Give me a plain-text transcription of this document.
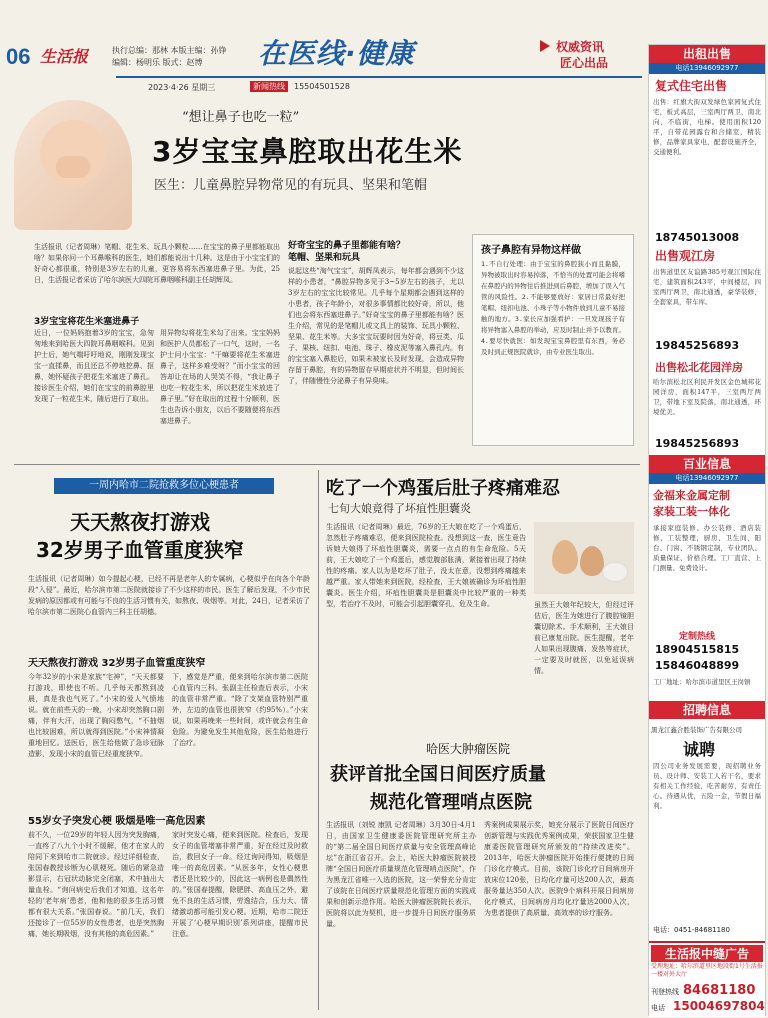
06 生活报	执行总编：那林 本版主编：孙铮
编辑：杨明乐 版式：赵博 在医线·健康	权威资讯
匠心出品
2023·4·26 星期三	新闻热线	15504501528
“想让鼻子也吃一粒”
3岁宝宝鼻腔取出花生米
医生：儿童鼻腔异物常见的有玩具、坚果和笔帽
生活报讯（记者周琳）笔帽、花生米、玩具小颗粒……在宝宝的鼻子里都能取出啥？如果你问一个耳鼻喉科的医生，她们都能说出十几种。这是由于小宝宝们的好奇心都很重，特别是3岁左右的儿童，更容易将东西塞进鼻子里。为此，25日，生活报记者采访了哈尔滨医大四院耳鼻咽喉科副主任胡辉凤。
3岁宝宝将花生米塞进鼻子
近日，一位妈妈抱着3岁的宝宝，急匆匆地来到哈医大四院耳鼻咽喉科。见到护士后，她气喘吁吁地说，刚刚发现宝宝一直揉鼻，而且还总不停地挖鼻、抠鼻，她怀疑孩子把花生米塞进了鼻孔。接诊医生介绍，她们在宝宝的前鼻腔里发现了一粒花生米，随后进行了取出。
用异物勾将花生米勾了出来。宝宝妈妈和医护人员都松了一口气，这时，一名护士问小宝宝：“干嘛要将花生米塞进鼻子，这样多难受呀？”而小宝宝的回答却让在场的人哭笑不得，“我让鼻子也吃一粒花生米，所以把花生米放进了鼻子里。”好在取出的过程十分顺利，医生也告诉小朋友，以后不要随便将东西塞进鼻子。
好奇宝宝的鼻子里都能有啥？
笔帽、坚果和玩具
说起这些“淘气宝宝”，胡辉凤表示，每年都会遇到不少这样的小患者，“鼻腔异物多见于3~5岁左右的孩子，尤以3岁左右的宝宝比较常见。几乎每个星期都会遇到这样的小患者，孩子年龄小，对很多事情都比较好奇，所以，他们也会将东西塞进鼻子。”好奇宝宝的鼻子里都能有啥？医生介绍，常见的是笔帽儿或文具上的装饰、玩具小颗粒、坚果、花生米等。大多宝宝玩要时因为好奇，将豆类、瓜子、果核、纽扣、电池、珠子、橡皮泥等塞入鼻孔内。有的宝宝塞入鼻腔后，如果未被家长及时发现，会造成异物存留于鼻腔，有的异物留存早期症状并不明显，但时间长了，伴随慢性分泌鼻子有异臭味。
孩子鼻腔有异物这样做
1.不自行处理：由于宝宝的鼻腔狭小而且黏膜，异物被取出时容易掉落，不恰当的处置可能会将嗜在鼻腔内的异物往后推进到后鼻腔，增加了误入气管的风险性。2.不能够要放好：家居日常最好把笔帽、纽扣电池、小珠子等小物件放到儿童不易接触的地方。3.家长应加强看护：一旦发现孩子有将异物塞入鼻腔的举动，应及时制止并予以教育。4.要尽快就医：如发现宝宝鼻腔里有东西，务必及时到正规医院就诊，由专业医生取出。
一周内哈市二院抢救多位心梗患者
天天熬夜打游戏
32岁男子血管重度狭窄
生活报讯（记者周琳）如今提起心梗，已经不再是老年人的专属病，心梗似乎在向各个年龄段“入侵”。最近，哈尔滨市第二医院就接诊了不少这样的市民。医生了解后发现，不少市民发病的原因都或有可能与不良的生活习惯有关，如熬夜、吸烟等。对此，24日，记者采访了哈尔滨市第二医院心血管内三科主任胡德。
天天熬夜打游戏 32岁男子血管重度狭窄
今年32岁的小宋是家族“宅神”，“天天都要打游戏，即使也不听。几乎每天都熬到凌晨，真是我也气死了。”小宋的爱人气愤地说。就在前些天的一晚，小宋却突然胸口剧痛，伴有大汗，出现了胸闷憋气，“不抽烟也比较困难，所以就得到医院。”小宋神情凝重地回忆。送医后，医生给他做了急诊冠脉造影，发现小宋的血管已经重度狭窄。
下，感觉是严重，便来到哈尔滨市第二医院心血管内三科。张副主任检查后表示，小宋的血管非常严重。“除了支架血管特别严重外，左边的血管也很狭窄（约95%）。”小宋说，如果再晚来一些时间，或许就会有生命危险。为避免发生其他危险，医生给他进行了治疗。
55岁女子突发心梗 吸烟是唯一高危因素
前不久，一位29岁的年轻人因为突发胸痛，一直疼了八九个小时不缓解，他才在家人的陪同下来到哈市二院就诊。经过详细检查，张国春教授诊断为心肌梗死。随后的紧急造影显示，右冠状动脉完全闭塞，术中抽出大量血栓。“询问病史后我们才知道，这名年轻的‘老年病’患者，他和他的很多生活习惯都有很大关系。”张国春说。“前几天，我们还接诊了一位55岁的女性患者，也是突然胸痛，她长期吸烟，没有其他的高危因素。”
家时突发心痛，便来到医院。检查后，发现女子的血管堵塞非常严重，好在经过及时救治，救回女子一命。经过询问得知，吸烟是唯一的高危因素。“从医多年，女性心梗患者还是比较少的，因此这一病例也是偶然性的。”张国春提醒，除肥胖、高血压之外，避免不良的生活习惯，劳逸结合，压力大、情绪激动都可能引发心梗。近期，哈市二院还开展了‘心梗早期识别’系列讲座，提醒市民注意。
吃了一个鸡蛋后肚子疼痛难忍
七旬大娘竟得了坏疽性胆囊炎
生活报讯（记者周琳）最近，76岁的王大娘在吃了一个鸡蛋后，忽然肚子疼痛难忍，便来到医院检查。没想到这一查，医生竟告诉她大娘得了坏疽性胆囊炎，需要一点点的有生命危险。5天前，王大娘吃了一个鸡蛋后，感觉腹部胀满，紧接着出现了持续性的疼痛。家人以为是吃坏了肚子，没太在意，没想到疼痛越来越严重。家人带她来到医院，经检查，王大娘被确诊为坏疽性胆囊炎。医生介绍，坏疽性胆囊炎是胆囊炎中比较严重的一种类型，若治疗不及时，可能会引起胆囊穿孔，危及生命。	虽然王大娘年纪较大，但经过评估后，医生为她进行了腹腔镜胆囊切除术。手术顺利，王大娘目前已康复出院。医生提醒，老年人如果出现腹痛、发热等症状，一定要及时就医，以免延误病情。
哈医大肿瘤医院
获评首批全国日间医疗质量
规范化管理哨点医院
生活报讯（刘锐 康凯 记者周琳）3月30日-4月1日，由国家卫生健康委医院管理研究所主办的“第二届全国日间医疗质量与安全管理高峰论坛”在浙江省召开。会上，哈医大肿瘤医院被授牌“全国日间医疗质量规范化管理哨点医院”，作为黑龙江省唯一入选的医院，这一荣誉充分肯定了该院在日间医疗质量规范化管理方面的实践成果和创新示范作用。哈医大肿瘤医院院长表示，医院将以此为契机，进一步提升日间医疗服务质量。
秀案例成果展示奖，她充分展示了医院日间医疗创新管理与实践优秀案例成果，荣获国家卫生健康委医院管理研究所颁发的“持续改进奖”。2013年，哈医大肿瘤医院开始推行便捷的日间门诊化疗模式。目前，该院门诊化疗日间病房开放床位120张，日均化疗量可达200人次，最高服务量达350人次。医院9个病科开展日间病房化疗模式，日间病房月均化疗量达2000人次，为患者提供了高质量、高效率的诊疗服务。
出租出售
电话13946092977
复式住宅出售
出售：红旗大街双发绿色家园复式住宅，板式高层，三室两厅两卫，南北向，不临街，电梯。使用面积120平，自带花园露台和合储室，精装修，品牌家具家电，配套设施齐全，交通便利。
18745013008
出售观江房
出售道里区友谊路385号观江国际住宅，建筑面积243平，中间楼层，四室两厅两卫，南北通透，豪华装修，全套家具，带车库。
19845256893
出售松北花园洋房
哈尔滨松北区利民开发区金色城邦花园洋房，面积147平，三室两厅两卫，带地下室及院落，南北通透，环境优美。
19845256893
百业信息
电话13946092977
金福来金属定制
家装工装一体化
承接家庭装修、办公装修、酒店装修、工装整理，厨房、卫生间、阳台、门窗、不锈钢定制，专业团队、质量保证、价格合理。工厂直营、上门测量、免费设计。
定制热线
18904515815
15846048899
工厂地址：哈尔滨市道里区王岗镇
招聘信息
黑龙江鑫合胜装饰广告有限公司
诚聘
因公司业务发展需要，现招聘业务员、设计师、安装工人若干名，要求有相关工作经验，吃苦耐劳，有责任心。待遇从优，五险一金，节假日福利。
电话：0451-84681180
生活报中缝广告
受理地址：哈尔滨道里区地段街1号生活报一楼对外大厅
刊登热线 84681180
电话 15004697804
